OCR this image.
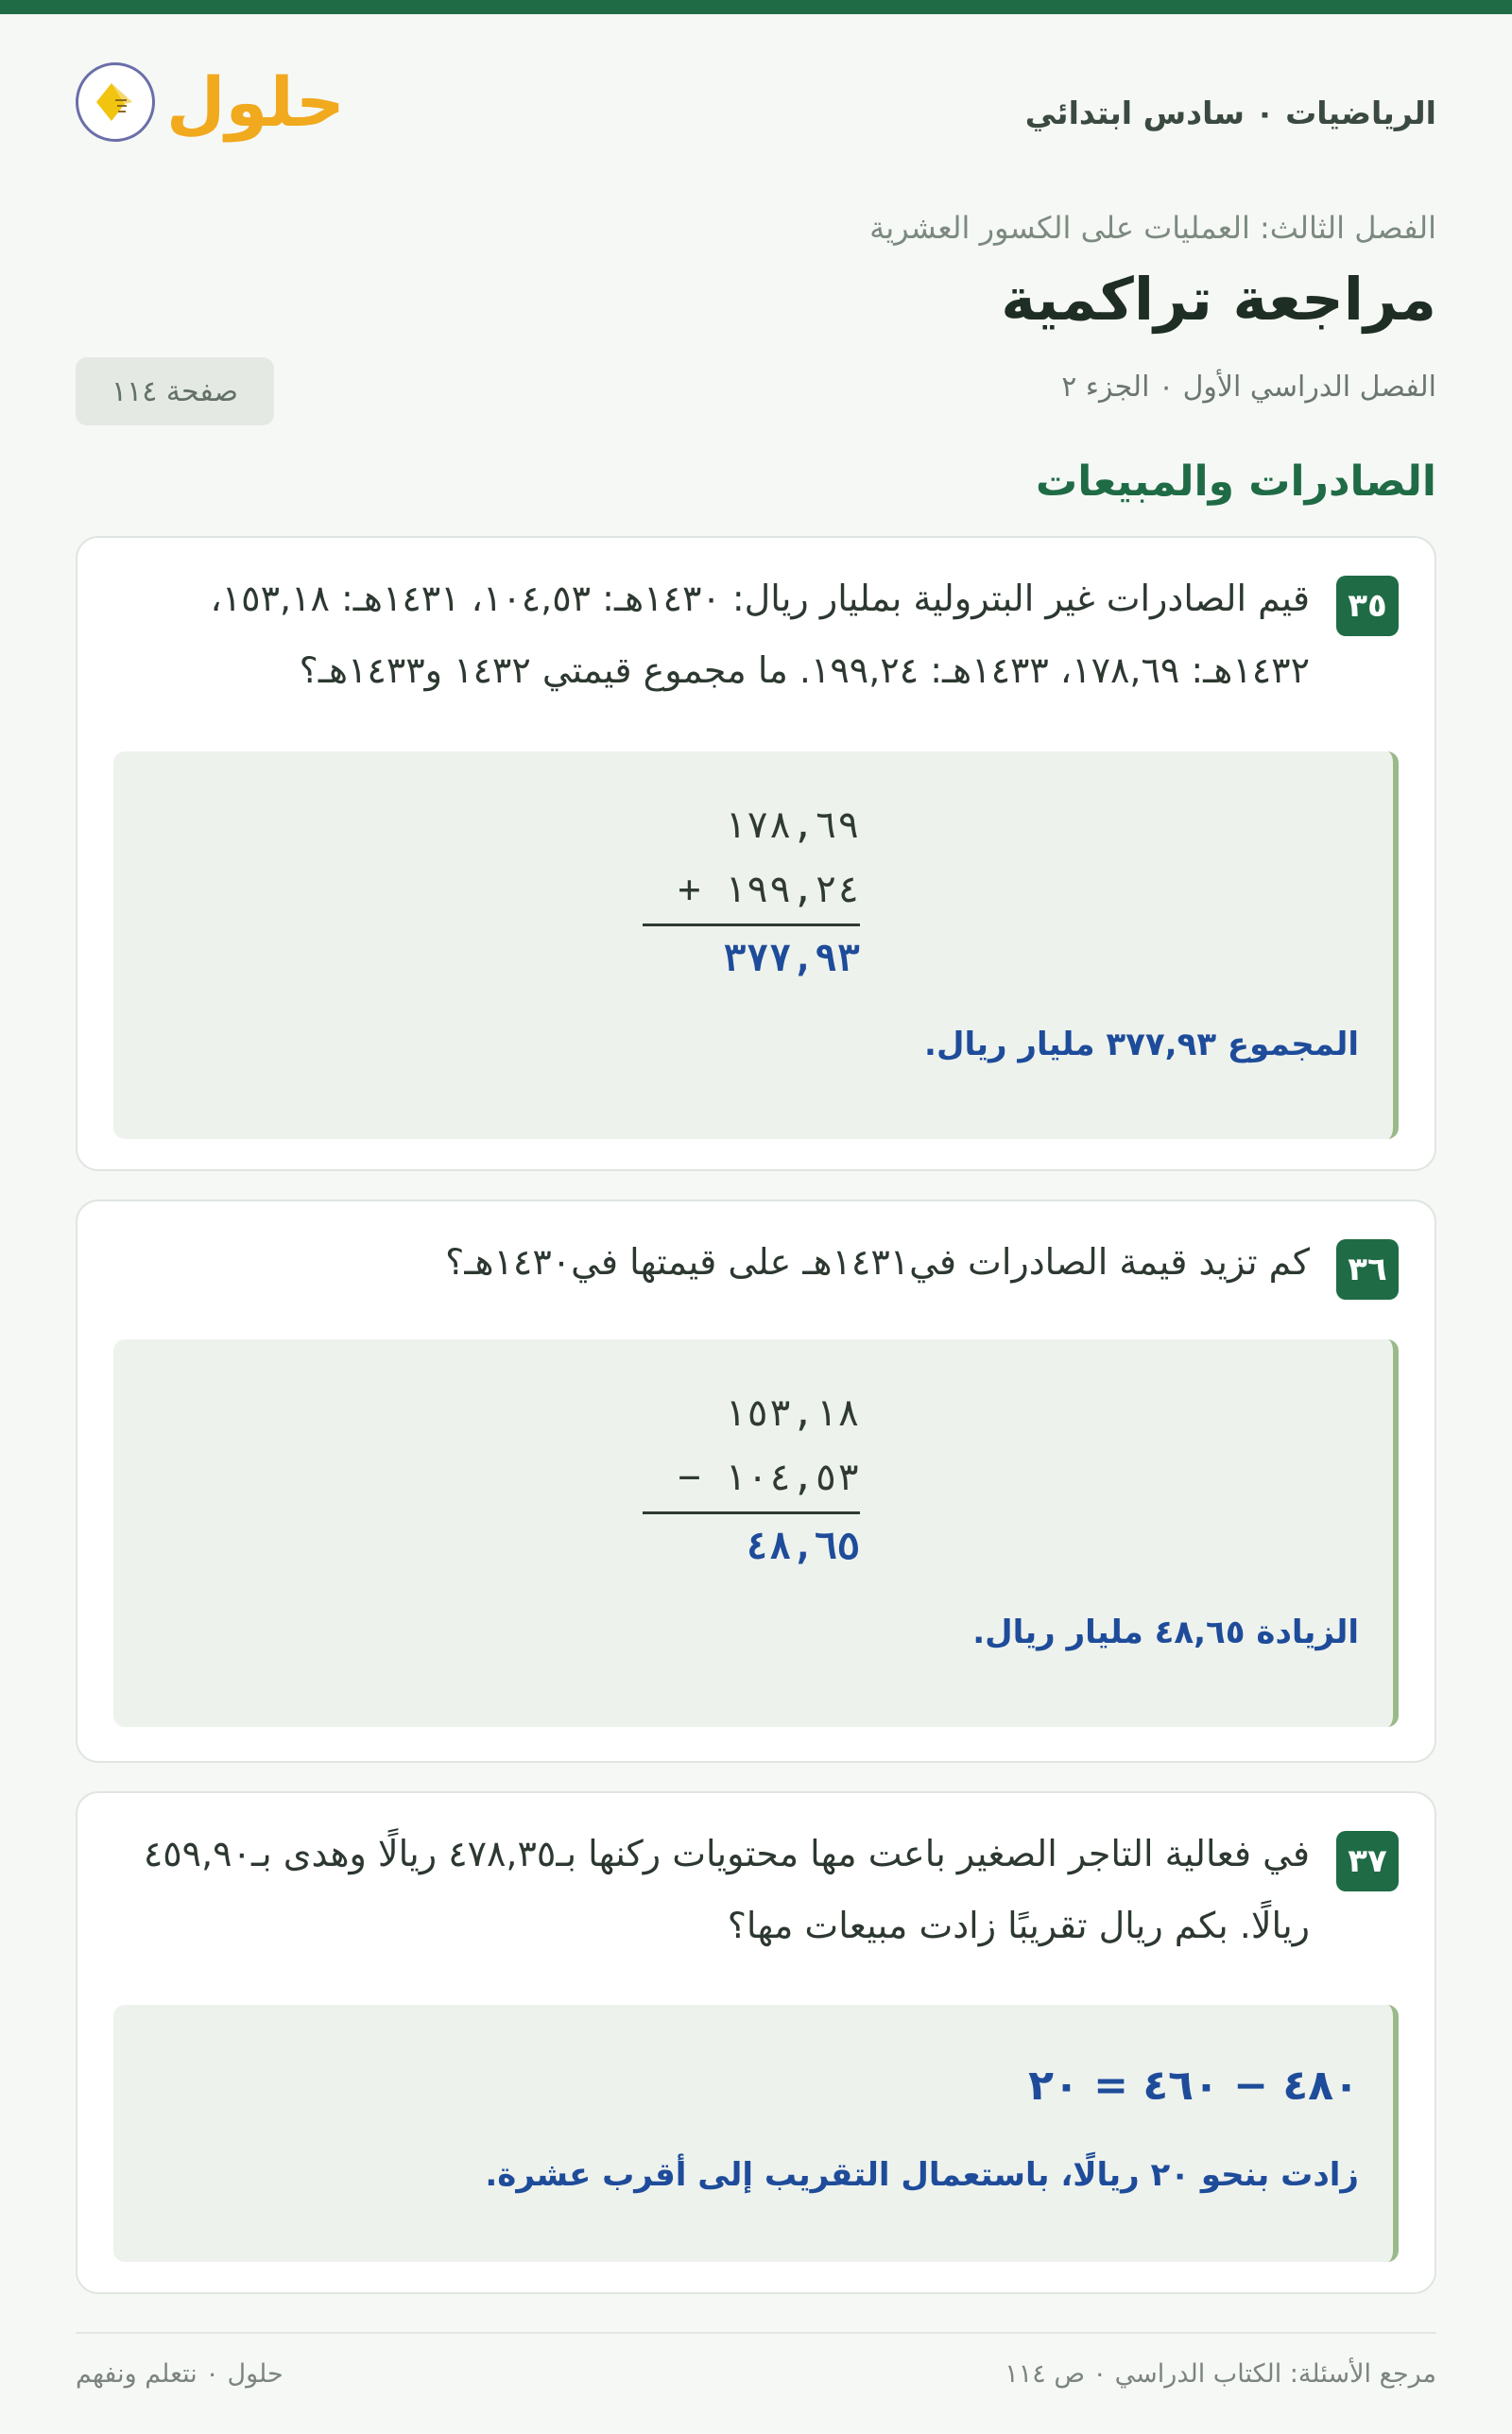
حلول	الرياضيات ٠ سادس ابتدائي
الفصل الثالث: العمليات على الكسور العشرية
مراجعة تراكمية
الفصل الدراسي الأول ٠ الجزء ٢
صفحة ١١٤
الصادرات والمبيعات
٣٥
قيم الصادرات غير البترولية بمليار ريال: ١٤٣٠هـ: ١٠٤,٥٣، ١٤٣١هـ: ١٥٣,١٨، ١٤٣٢هـ: ١٧٨,٦٩، ١٤٣٣هـ: ١٩٩,٢٤. ما مجموع قيمتي ١٤٣٢ و١٤٣٣هـ؟
١٧٨,٦٩
+ ١٩٩,٢٤
٣٧٧,٩٣
المجموع ٣٧٧,٩٣ مليار ريال.
٣٦
كم تزيد قيمة الصادرات في١٤٣١هـ على قيمتها في١٤٣٠هـ؟
١٥٣,١٨
− ١٠٤,٥٣
٤٨,٦٥
الزيادة ٤٨,٦٥ مليار ريال.
٣٧
في فعالية التاجر الصغير باعت مها محتويات ركنها بـ٤٧٨,٣٥ ريالًا وهدى بـ٤٥٩,٩٠ ريالًا. بكم ريال تقريبًا زادت مبيعات مها؟
٤٨٠ − ٤٦٠ = ٢٠
زادت بنحو ٢٠ ريالًا، باستعمال التقريب إلى أقرب عشرة.
مرجع الأسئلة: الكتاب الدراسي ٠ ص ١١٤
حلول ٠ نتعلم ونفهم
